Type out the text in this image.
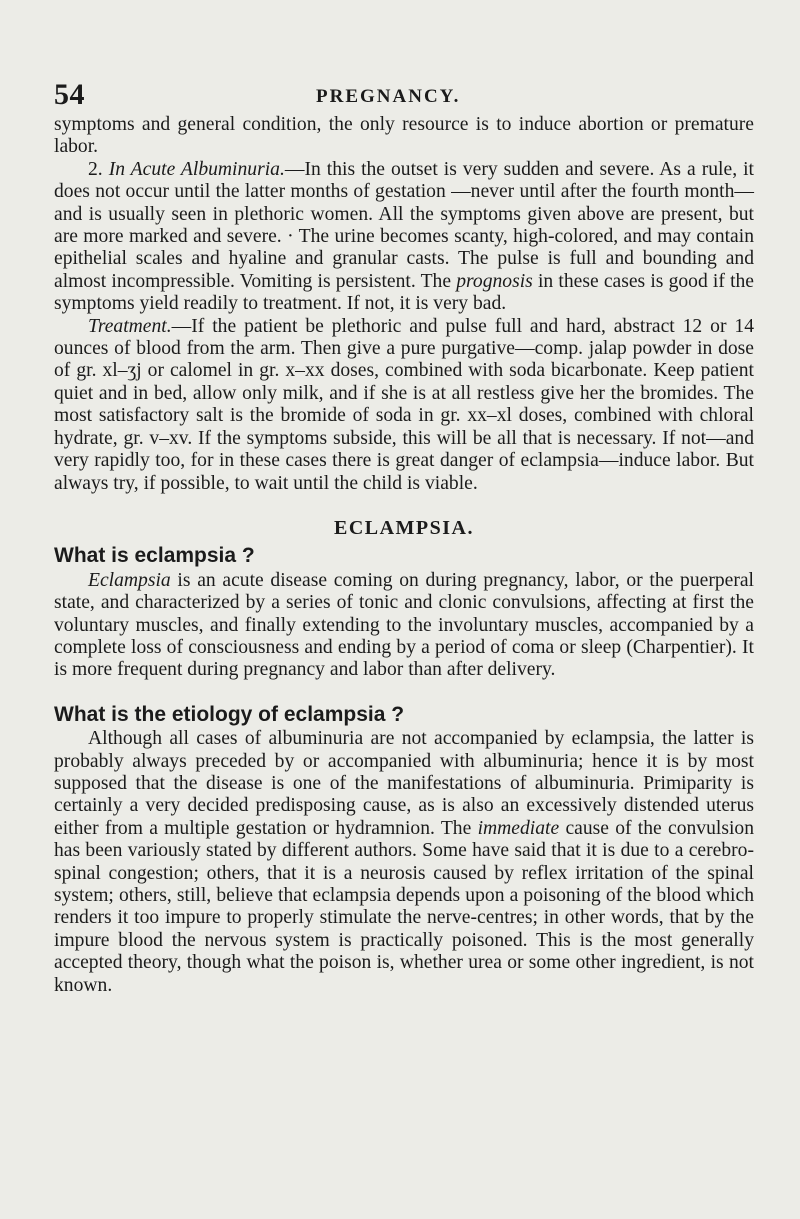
54	PREGNANCY.

symptoms and general condition, the only resource is to induce abortion or premature labor.

2. In Acute Albuminuria.—In this the outset is very sudden and severe. As a rule, it does not occur until the latter months of gestation —never until after the fourth month—and is usually seen in plethoric women. All the symptoms given above are present, but are more marked and severe. · The urine becomes scanty, high-colored, and may contain epithelial scales and hyaline and granular casts. The pulse is full and bounding and almost incompressible. Vomiting is persistent. The prognosis in these cases is good if the symptoms yield readily to treatment. If not, it is very bad.

Treatment.—If the patient be plethoric and pulse full and hard, abstract 12 or 14 ounces of blood from the arm. Then give a pure purgative—comp. jalap powder in dose of gr. xl–ʒj or calomel in gr. x–xx doses, combined with soda bicarbonate. Keep patient quiet and in bed, allow only milk, and if she is at all restless give her the bromides. The most satisfactory salt is the bromide of soda in gr. xx–xl doses, combined with chloral hydrate, gr. v–xv. If the symptoms subside, this will be all that is necessary. If not—and very rapidly too, for in these cases there is great danger of eclampsia—induce labor. But always try, if possible, to wait until the child is viable.

ECLAMPSIA.
What is eclampsia ?

Eclampsia is an acute disease coming on during pregnancy, labor, or the puerperal state, and characterized by a series of tonic and clonic convulsions, affecting at first the voluntary muscles, and finally extending to the involuntary muscles, accompanied by a complete loss of consciousness and ending by a period of coma or sleep (Charpentier). It is more frequent during pregnancy and labor than after delivery.

What is the etiology of eclampsia ?

Although all cases of albuminuria are not accompanied by eclampsia, the latter is probably always preceded by or accompanied with albuminuria; hence it is by most supposed that the disease is one of the manifestations of albuminuria. Primiparity is certainly a very decided predisposing cause, as is also an excessively distended uterus either from a multiple gestation or hydramnion. The immediate cause of the convulsion has been variously stated by different authors. Some have said that it is due to a cerebro-spinal congestion; others, that it is a neurosis caused by reflex irritation of the spinal system; others, still, believe that eclampsia depends upon a poisoning of the blood which renders it too impure to properly stimulate the nerve-centres; in other words, that by the impure blood the nervous system is practically poisoned. This is the most generally accepted theory, though what the poison is, whether urea or some other ingredient, is not known.
